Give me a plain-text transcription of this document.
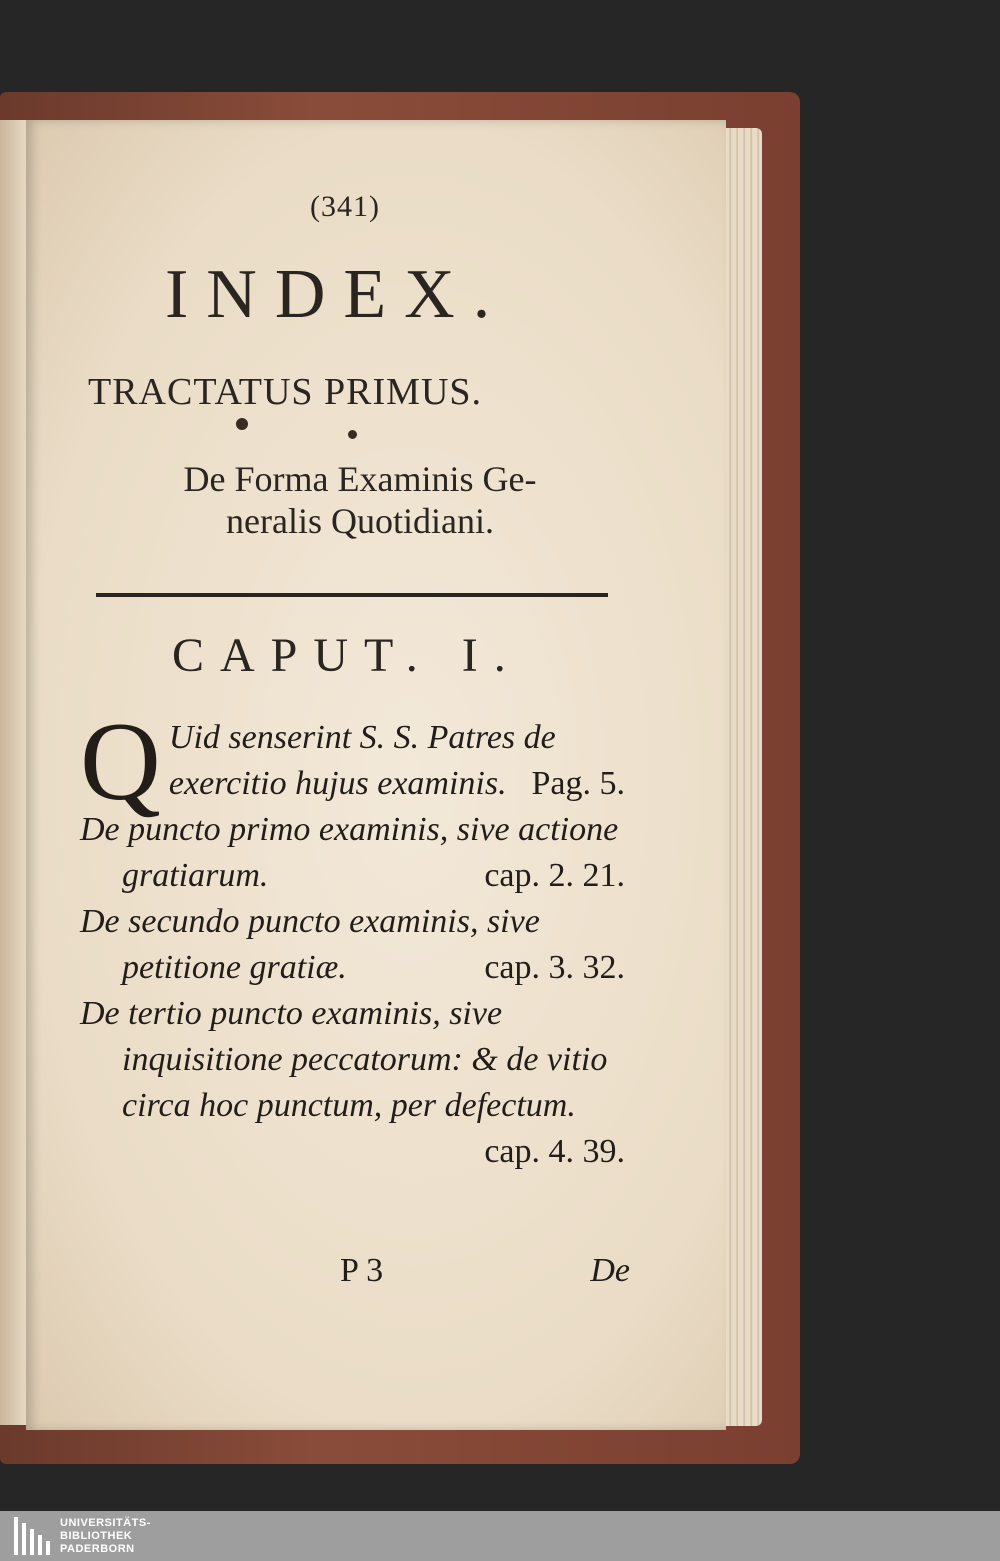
(341)
INDEX.
TRACTATUS PRIMUS.
De Forma Examinis Ge-
neralis Quotidiani.
CAPUT. I.
Q Uid senserint S. S. Patres de exercitio hujus examinis. Pag. 5.
De puncto primo examinis, sive actione gratiarum.	cap. 2. 21.
De secundo puncto examinis, sive petitione gratiæ.	cap. 3. 32.
De tertio puncto examinis, sive inquisitione peccatorum: & de vitio circa hoc punctum, per defectum.
cap. 4. 39.
P 3	De
UNIVERSITÄTS-
BIBLIOTHEK
PADERBORN
